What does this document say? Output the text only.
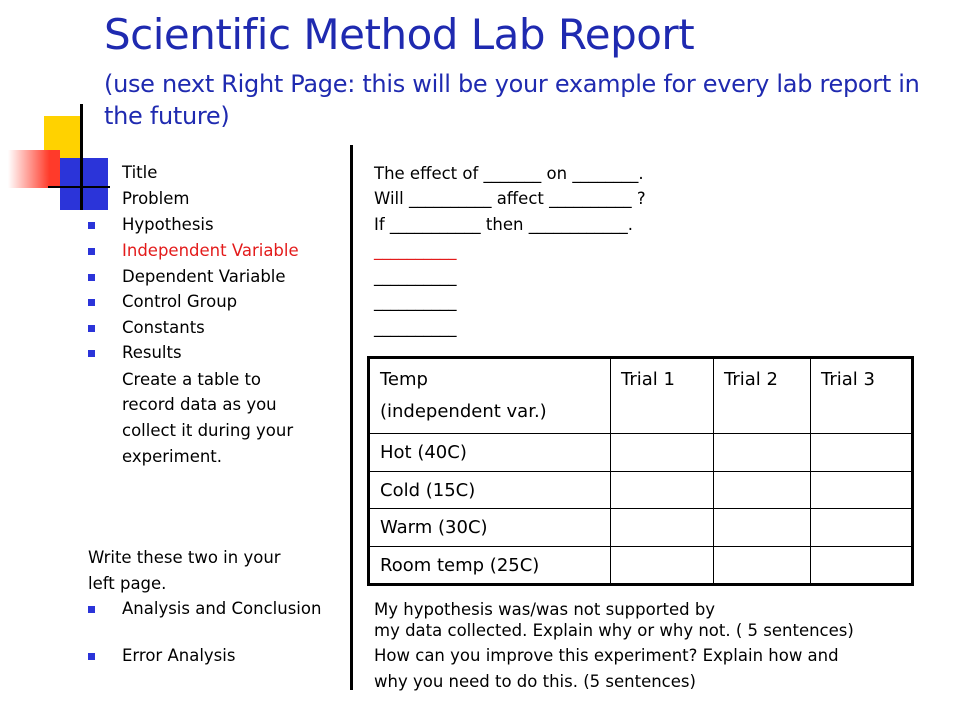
Scientific Method Lab Report

(use next Right Page: this will be your example for every lab report in the future)

Title
Problem
Hypothesis
Independent Variable
Dependent Variable
Control Group
Constants
Results
Create a table to
record data as you
collect it during your
experiment.
Write these two in your
left page.
Analysis and Conclusion
Error Analysis
The effect of _______ on ________.
Will __________ affect __________ ?
If ___________ then ____________.
__________
__________
__________
__________
Temp
(independent var.)	Trial 1	Trial 2	Trial 3
Hot (40C)			
Cold (15C)			
Warm (30C)			
Room temp (25C)			
My hypothesis was/was not supported by
my data collected. Explain why or why not. ( 5 sentences)
How can you improve this experiment? Explain how and
why you need to do this. (5 sentences)
